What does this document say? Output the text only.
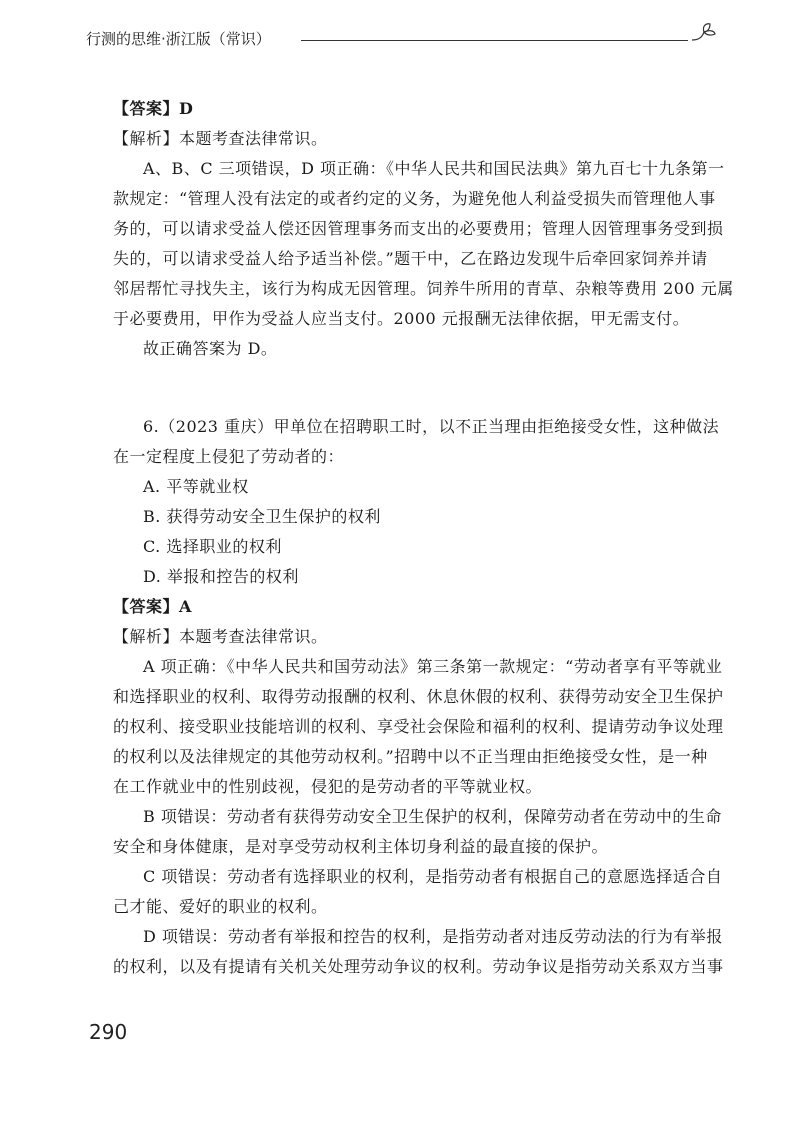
行测的思维·浙江版（常识）
【答案】D
【解析】本题考查法律常识。
A、B、C 三项错误，D 项正确：《中华人民共和国民法典》第九百七十九条第一
款规定：“管理人没有法定的或者约定的义务，为避免他人利益受损失而管理他人事
务的，可以请求受益人偿还因管理事务而支出的必要费用；管理人因管理事务受到损
失的，可以请求受益人给予适当补偿。”题干中，乙在路边发现牛后牵回家饲养并请
邻居帮忙寻找失主，该行为构成无因管理。饲养牛所用的青草、杂粮等费用 200 元属
于必要费用，甲作为受益人应当支付。2000 元报酬无法律依据，甲无需支付。
故正确答案为 D。
6.（2023 重庆）甲单位在招聘职工时，以不正当理由拒绝接受女性，这种做法
在一定程度上侵犯了劳动者的：
A. 平等就业权
B. 获得劳动安全卫生保护的权利
C. 选择职业的权利
D. 举报和控告的权利
【答案】A
【解析】本题考查法律常识。
A 项正确：《中华人民共和国劳动法》第三条第一款规定：“劳动者享有平等就业
和选择职业的权利、取得劳动报酬的权利、休息休假的权利、获得劳动安全卫生保护
的权利、接受职业技能培训的权利、享受社会保险和福利的权利、提请劳动争议处理
的权利以及法律规定的其他劳动权利。”招聘中以不正当理由拒绝接受女性，是一种
在工作就业中的性别歧视，侵犯的是劳动者的平等就业权。
B 项错误：劳动者有获得劳动安全卫生保护的权利，保障劳动者在劳动中的生命
安全和身体健康，是对享受劳动权利主体切身利益的最直接的保护。
C 项错误：劳动者有选择职业的权利，是指劳动者有根据自己的意愿选择适合自
己才能、爱好的职业的权利。
D 项错误：劳动者有举报和控告的权利，是指劳动者对违反劳动法的行为有举报
的权利，以及有提请有关机关处理劳动争议的权利。劳动争议是指劳动关系双方当事
290
